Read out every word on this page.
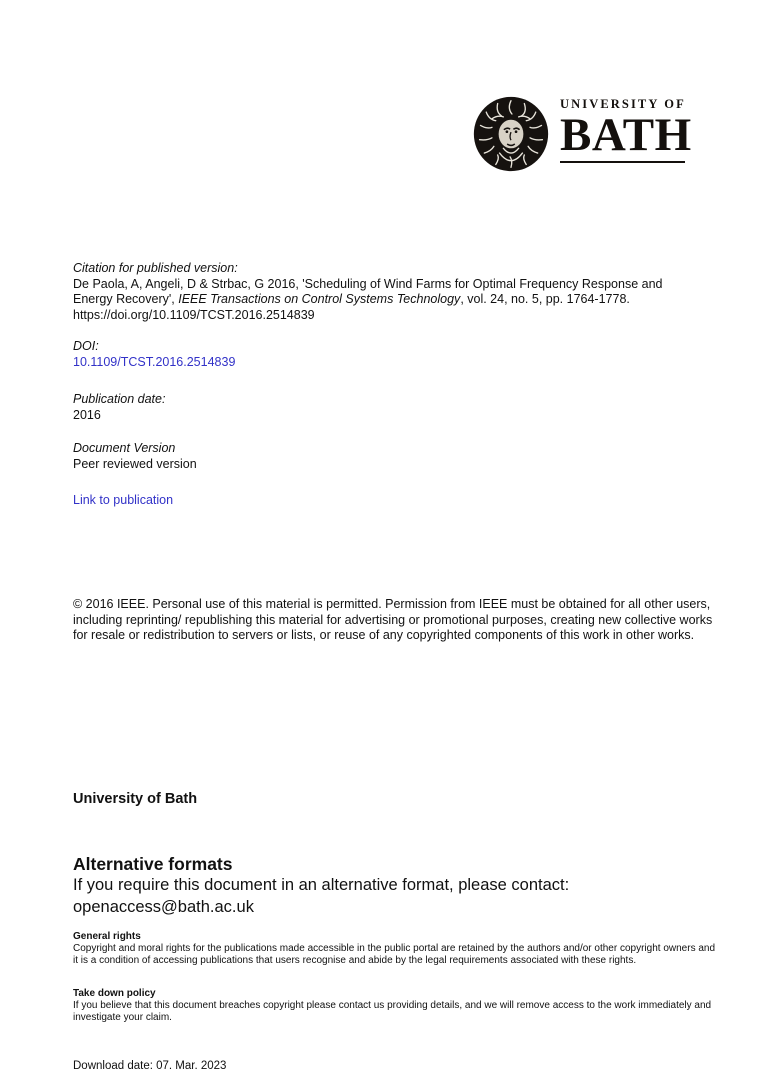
UNIVERSITY OF
BATH
Citation for published version:
De Paola, A, Angeli, D & Strbac, G 2016, 'Scheduling of Wind Farms for Optimal Frequency Response and
Energy Recovery', IEEE Transactions on Control Systems Technology, vol. 24, no. 5, pp. 1764-1778.
https://doi.org/10.1109/TCST.2016.2514839
DOI:
10.1109/TCST.2016.2514839
Publication date:
2016
Document Version
Peer reviewed version
Link to publication
© 2016 IEEE. Personal use of this material is permitted. Permission from IEEE must be obtained for all other users, including reprinting/ republishing this material for advertising or promotional purposes, creating new collective works for resale or redistribution to servers or lists, or reuse of any copyrighted components of this work in other works.
University of Bath
Alternative formats
If you require this document in an alternative format, please contact:
openaccess@bath.ac.uk
General rights
Copyright and moral rights for the publications made accessible in the public portal are retained by the authors and/or other copyright owners and it is a condition of accessing publications that users recognise and abide by the legal requirements associated with these rights.
Take down policy
If you believe that this document breaches copyright please contact us providing details, and we will remove access to the work immediately and investigate your claim.
Download date: 07. Mar. 2023
